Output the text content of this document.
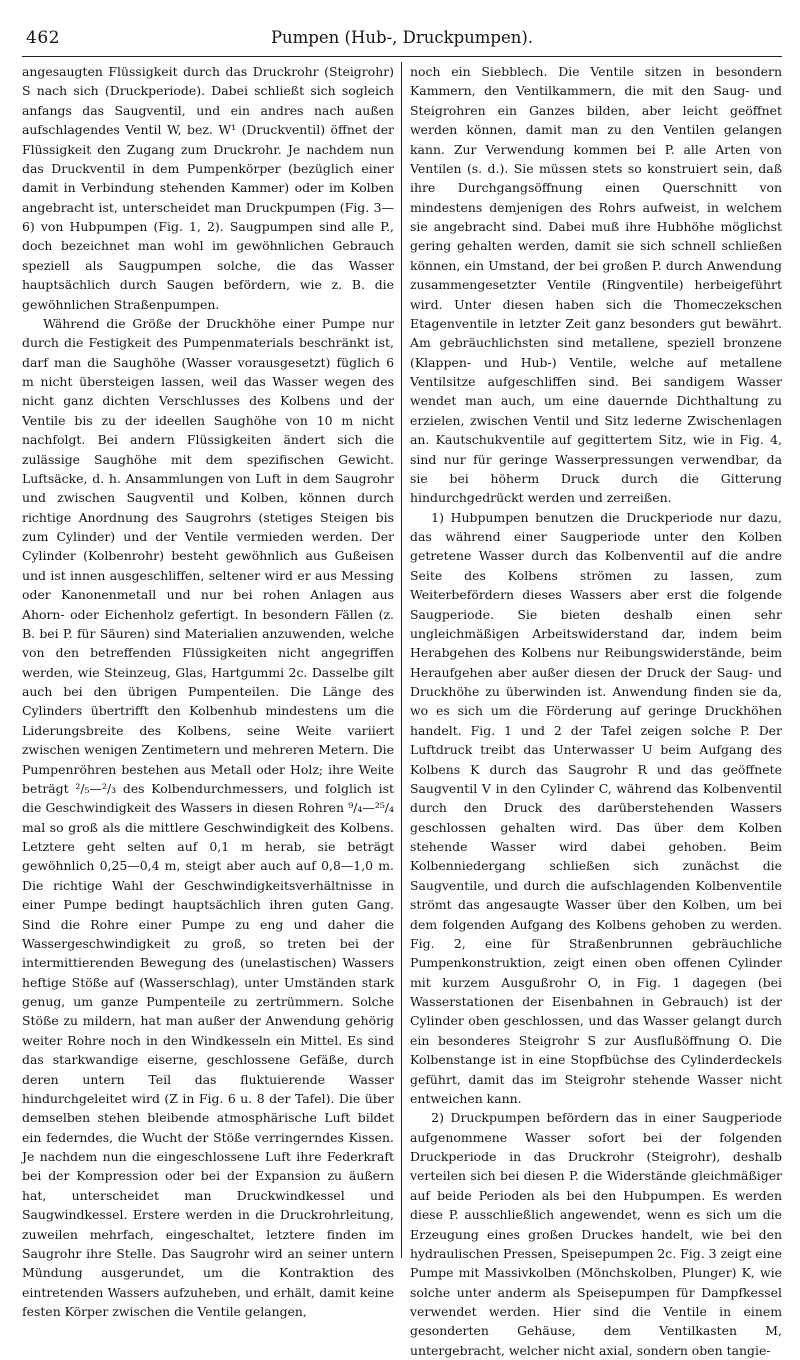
462	Pumpen (Hub-, Druckpumpen).

angesaugten Flüssigkeit durch das Druckrohr (Steigrohr) S nach sich (Druckperiode). Dabei schließt sich sogleich anfangs das Saugventil, und ein andres nach außen aufschlagendes Ventil W, bez. W¹ (Druckventil) öffnet der Flüssigkeit den Zugang zum Druckrohr. Je nachdem nun das Druckventil in dem Pumpenkörper (bezüglich einer damit in Verbindung stehenden Kammer) oder im Kolben angebracht ist, unterscheidet man Druckpumpen (Fig. 3—6) von Hubpumpen (Fig. 1, 2). Saugpumpen sind alle P., doch bezeichnet man wohl im gewöhnlichen Gebrauch speziell als Saugpumpen solche, die das Wasser hauptsächlich durch Saugen befördern, wie z. B. die gewöhnlichen Straßenpumpen.

Während die Größe der Druckhöhe einer Pumpe nur durch die Festigkeit des Pumpenmaterials beschränkt ist, darf man die Saughöhe (Wasser vorausgesetzt) füglich 6 m nicht übersteigen lassen, weil das Wasser wegen des nicht ganz dichten Verschlusses des Kolbens und der Ventile bis zu der ideellen Saughöhe von 10 m nicht nachfolgt. Bei andern Flüssigkeiten ändert sich die zulässige Saughöhe mit dem spezifischen Gewicht. Luftsäcke, d. h. Ansammlungen von Luft in dem Saugrohr und zwischen Saugventil und Kolben, können durch richtige Anordnung des Saugrohrs (stetiges Steigen bis zum Cylinder) und der Ventile vermieden werden. Der Cylinder (Kolbenrohr) besteht gewöhnlich aus Gußeisen und ist innen ausgeschliffen, seltener wird er aus Messing oder Kanonenmetall und nur bei rohen Anlagen aus Ahorn- oder Eichenholz gefertigt. In besondern Fällen (z. B. bei P. für Säuren) sind Materialien anzuwenden, welche von den betreffenden Flüssigkeiten nicht angegriffen werden, wie Steinzeug, Glas, Hartgummi 2c. Dasselbe gilt auch bei den übrigen Pumpenteilen. Die Länge des Cylinders übertrifft den Kolbenhub mindestens um die Liderungsbreite des Kolbens, seine Weite variiert zwischen wenigen Zentimetern und mehreren Metern. Die Pumpenröhren bestehen aus Metall oder Holz; ihre Weite beträgt ²/₅—²/₃ des Kolbendurchmessers, und folglich ist die Geschwindigkeit des Wassers in diesen Rohren ⁹/₄—²⁵/₄ mal so groß als die mittlere Geschwindigkeit des Kolbens. Letztere geht selten auf 0,1 m herab, sie beträgt gewöhnlich 0,25—0,4 m, steigt aber auch auf 0,8—1,0 m. Die richtige Wahl der Geschwindigkeitsverhältnisse in einer Pumpe bedingt hauptsächlich ihren guten Gang. Sind die Rohre einer Pumpe zu eng und daher die Wassergeschwindigkeit zu groß, so treten bei der intermittierenden Bewegung des (unelastischen) Wassers heftige Stöße auf (Wasserschlag), unter Umständen stark genug, um ganze Pumpenteile zu zertrümmern. Solche Stöße zu mildern, hat man außer der Anwendung gehörig weiter Rohre noch in den Windkesseln ein Mittel. Es sind das starkwandige eiserne, geschlossene Gefäße, durch deren untern Teil das fluktuierende Wasser hindurchgeleitet wird (Z in Fig. 6 u. 8 der Tafel). Die über demselben stehen bleibende atmosphärische Luft bildet ein federndes, die Wucht der Stöße verringerndes Kissen. Je nachdem nun die eingeschlossene Luft ihre Federkraft bei der Kompression oder bei der Expansion zu äußern hat, unterscheidet man Druckwindkessel und Saugwindkessel. Erstere werden in die Druckrohrleitung, zuweilen mehrfach, eingeschaltet, letztere finden im Saugrohr ihre Stelle. Das Saugrohr wird an seiner untern Mündung ausgerundet, um die Kontraktion des eintretenden Wassers aufzuheben, und erhält, damit keine festen Körper zwischen die Ventile gelangen,

noch ein Siebblech. Die Ventile sitzen in besondern Kammern, den Ventilkammern, die mit den Saug- und Steigrohren ein Ganzes bilden, aber leicht geöffnet werden können, damit man zu den Ventilen gelangen kann. Zur Verwendung kommen bei P. alle Arten von Ventilen (s. d.). Sie müssen stets so konstruiert sein, daß ihre Durchgangsöffnung einen Querschnitt von mindestens demjenigen des Rohrs aufweist, in welchem sie angebracht sind. Dabei muß ihre Hubhöhe möglichst gering gehalten werden, damit sie sich schnell schließen können, ein Umstand, der bei großen P. durch Anwendung zusammengesetzter Ventile (Ringventile) herbeigeführt wird. Unter diesen haben sich die Thomeczekschen Etagenventile in letzter Zeit ganz besonders gut bewährt. Am gebräuchlichsten sind metallene, speziell bronzene (Klappen- und Hub-) Ventile, welche auf metallene Ventilsitze aufgeschliffen sind. Bei sandigem Wasser wendet man auch, um eine dauernde Dichthaltung zu erzielen, zwischen Ventil und Sitz lederne Zwischenlagen an. Kautschukventile auf gegittertem Sitz, wie in Fig. 4, sind nur für geringe Wasserpressungen verwendbar, da sie bei höherm Druck durch die Gitterung hindurchgedrückt werden und zerreißen.

1) Hubpumpen benutzen die Druckperiode nur dazu, das während einer Saugperiode unter den Kolben getretene Wasser durch das Kolbenventil auf die andre Seite des Kolbens strömen zu lassen, zum Weiterbefördern dieses Wassers aber erst die folgende Saugperiode. Sie bieten deshalb einen sehr ungleichmäßigen Arbeitswiderstand dar, indem beim Herabgehen des Kolbens nur Reibungswiderstände, beim Heraufgehen aber außer diesen der Druck der Saug- und Druckhöhe zu überwinden ist. Anwendung finden sie da, wo es sich um die Förderung auf geringe Druckhöhen handelt. Fig. 1 und 2 der Tafel zeigen solche P. Der Luftdruck treibt das Unterwasser U beim Aufgang des Kolbens K durch das Saugrohr R und das geöffnete Saugventil V in den Cylinder C, während das Kolbenventil durch den Druck des darüberstehenden Wassers geschlossen gehalten wird. Das über dem Kolben stehende Wasser wird dabei gehoben. Beim Kolbenniedergang schließen sich zunächst die Saugventile, und durch die aufschlagenden Kolbenventile strömt das angesaugte Wasser über den Kolben, um bei dem folgenden Aufgang des Kolbens gehoben zu werden. Fig. 2, eine für Straßenbrunnen gebräuchliche Pumpenkonstruktion, zeigt einen oben offenen Cylinder mit kurzem Ausgußrohr O, in Fig. 1 dagegen (bei Wasserstationen der Eisenbahnen in Gebrauch) ist der Cylinder oben geschlossen, und das Wasser gelangt durch ein besonderes Steigrohr S zur Ausflußöffnung O. Die Kolbenstange ist in eine Stopfbüchse des Cylinderdeckels geführt, damit das im Steigrohr stehende Wasser nicht entweichen kann.

2) Druckpumpen befördern das in einer Saugperiode aufgenommene Wasser sofort bei der folgenden Druckperiode in das Druckrohr (Steigrohr), deshalb verteilen sich bei diesen P. die Widerstände gleichmäßiger auf beide Perioden als bei den Hubpumpen. Es werden diese P. ausschließlich angewendet, wenn es sich um die Erzeugung eines großen Druckes handelt, wie bei den hydraulischen Pressen, Speisepumpen 2c. Fig. 3 zeigt eine Pumpe mit Massivkolben (Mönchskolben, Plunger) K, wie solche unter anderm als Speisepumpen für Dampfkessel verwendet werden. Hier sind die Ventile in einem gesonderten Gehäuse, dem Ventilkasten M, untergebracht, welcher nicht axial, sondern oben tangie-
